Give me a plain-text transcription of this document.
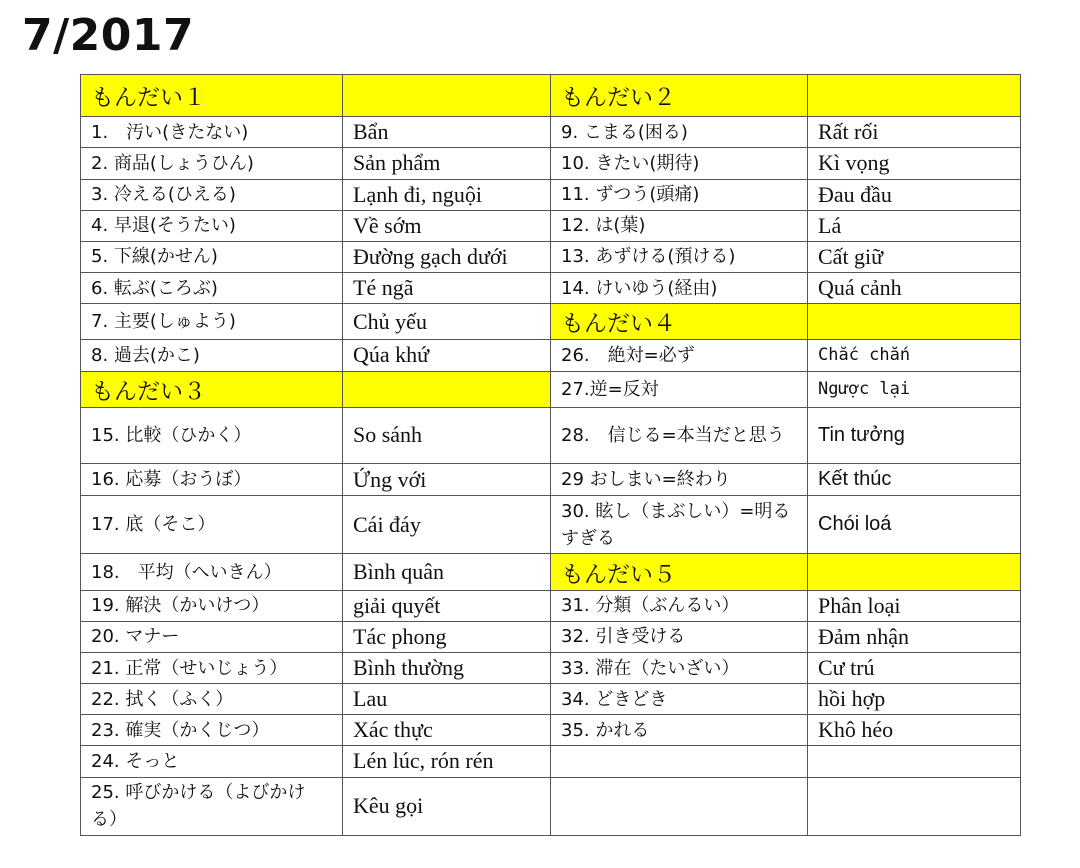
7/2017
もんだい１		もんだい２	
1.　汚い(きたない)	Bẩn	9. こまる(困る)	Rất rối
2. 商品(しょうひん)	Sản phẩm	10. きたい(期待)	Kì vọng
3. 冷える(ひえる)	Lạnh đi, nguội	11. ずつう(頭痛)	Đau đầu
4. 早退(そうたい)	Về sớm	12. は(葉)	Lá
5. 下線(かせん)	Đường gạch dưới	13. あずける(預ける)	Cất giữ
6. 転ぶ(ころぶ)	Té ngã	14. けいゆう(経由)	Quá cảnh
7. 主要(しゅよう)	Chủ yếu	もんだい４	
8. 過去(かこ)	Qúa khứ	26.　絶対=必ず	Chắc chắn
もんだい３		27.逆=反対	Ngược lại
15. 比較（ひかく）	So sánh	28.　信じる=本当だと思う	Tin tưởng
16. 応募（おうぼ）	Ứng với	29 おしまい=終わり	Kết thúc
17. 底（そこ）	Cái đáy	30. 眩し（まぶしい）=明るすぎる	Chói loá
18.　平均（へいきん）	Bình quân	もんだい５	
19. 解決（かいけつ）	giải quyết	31. 分類（ぶんるい）	Phân loại
20. マナー	Tác phong	32. 引き受ける	Đảm nhận
21. 正常（せいじょう）	Bình thường	33. 滞在（たいざい）	Cư trú
22. 拭く（ふく）	Lau	34. どきどき	hồi hợp
23. 確実（かくじつ）	Xác thực	35. かれる	Khô héo
24. そっと	Lén lúc, rón rén		
25. 呼びかける（よびかける）	Kêu gọi		
